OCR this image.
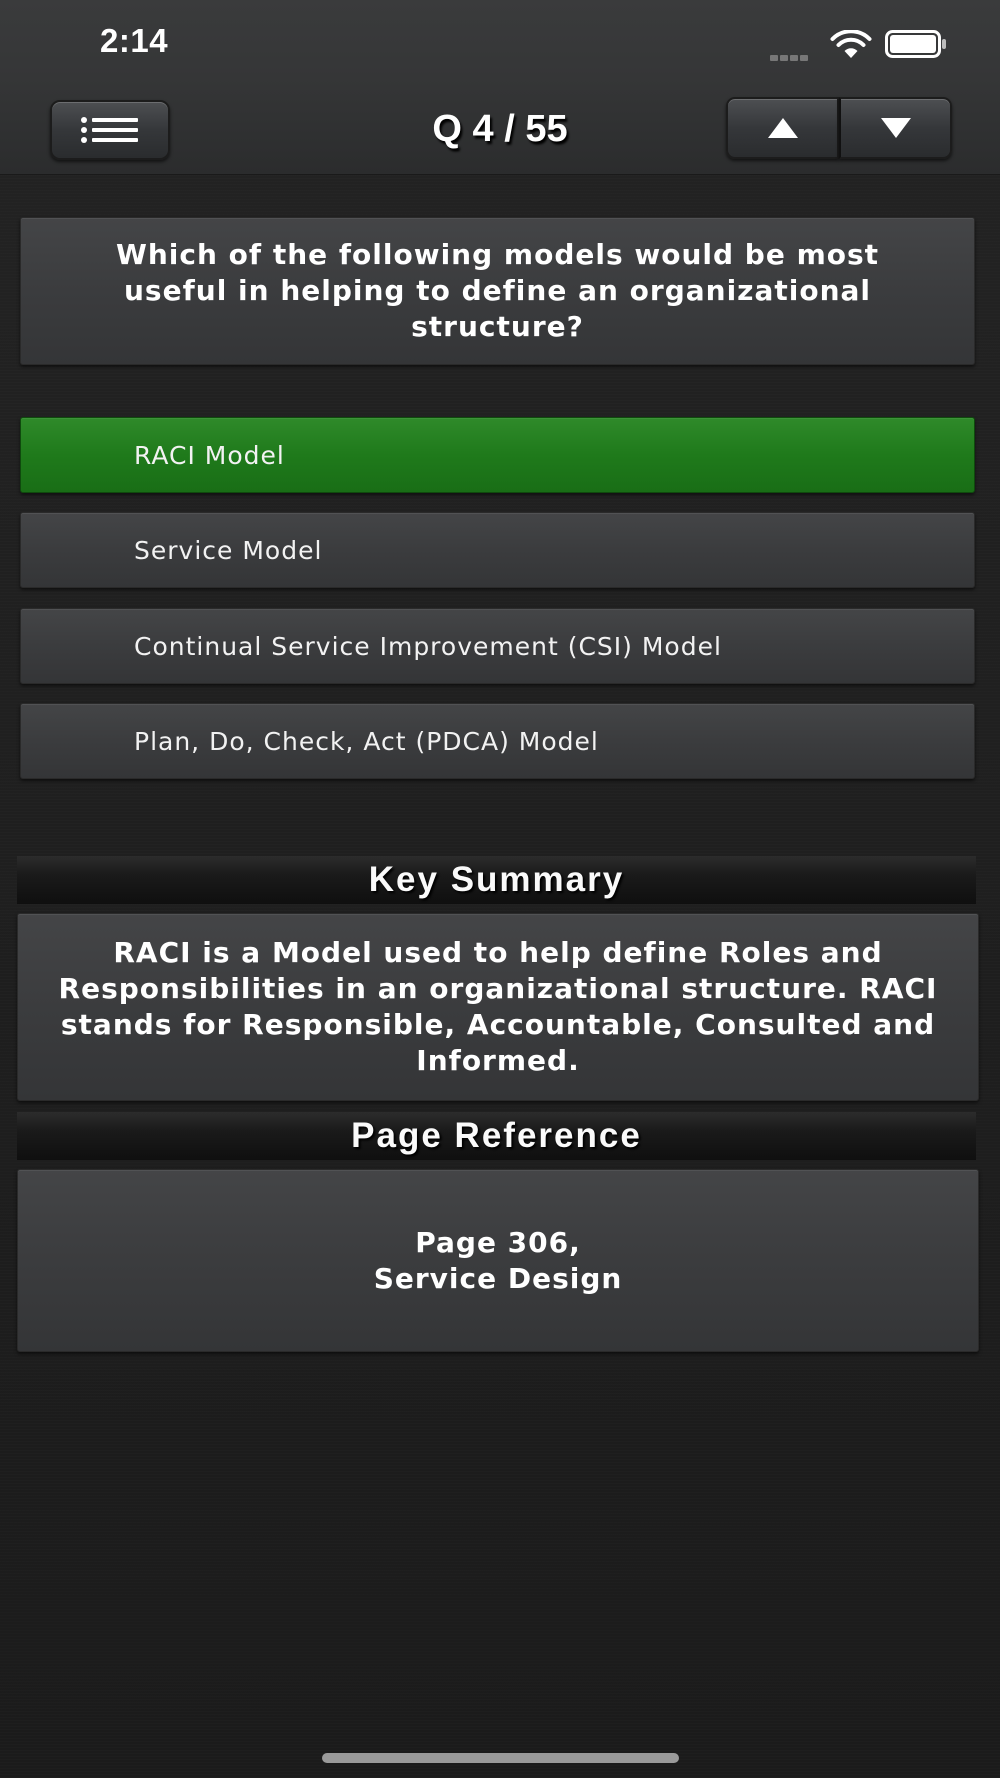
2:14
Q 4 / 55
Which of the following models would be most useful in helping to define an organizational structure?
RACI Model
Service Model
Continual Service Improvement (CSI) Model
Plan, Do, Check, Act (PDCA) Model
Key Summary
RACI is a Model used to help define Roles and Responsibilities in an organizational structure. RACI stands for Responsible, Accountable, Consulted and Informed.
Page Reference
Page 306,
Service Design
